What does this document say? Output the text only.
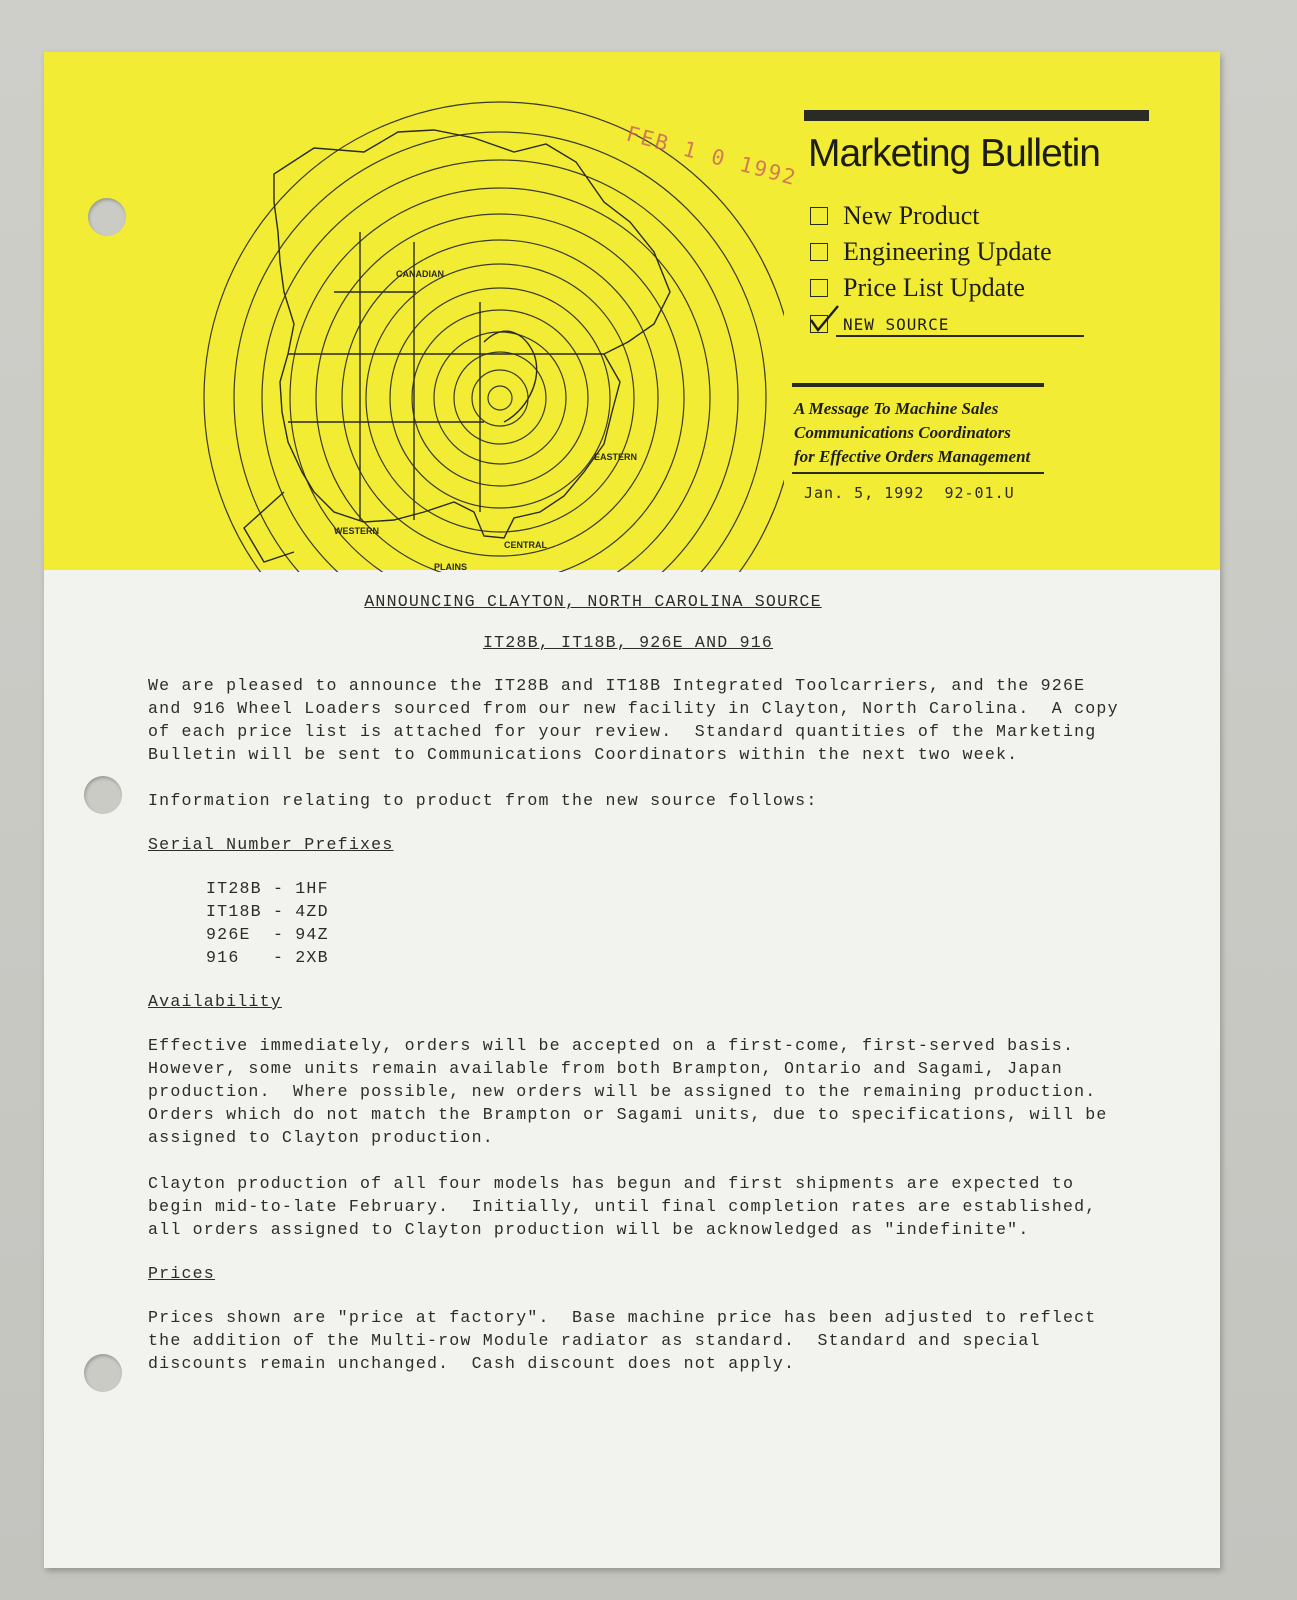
CANADIAN
EASTERN
WESTERN
CENTRAL
PLAINS
FEB 1 0 1992 Marketing Bulletin
New Product
Engineering Update
Price List Update
NEW SOURCE
A Message To Machine Sales
Communications Coordinators
for Effective Orders Management
Jan. 5, 1992 92-01.U
ANNOUNCING CLAYTON, NORTH CAROLINA SOURCE
IT28B, IT18B, 926E AND 916
We are pleased to announce the IT28B and IT18B Integrated Toolcarriers, and the 926E
and 916 Wheel Loaders sourced from our new facility in Clayton, North Carolina.  A copy
of each price list is attached for your review.  Standard quantities of the Marketing
Bulletin will be sent to Communications Coordinators within the next two week.
Information relating to product from the new source follows:
Serial Number Prefixes
IT28B - 1HF
IT18B - 4ZD
926E  - 94Z
916   - 2XB
Availability
Effective immediately, orders will be accepted on a first-come, first-served basis.
However, some units remain available from both Brampton, Ontario and Sagami, Japan
production.  Where possible, new orders will be assigned to the remaining production.
Orders which do not match the Brampton or Sagami units, due to specifications, will be
assigned to Clayton production.
Clayton production of all four models has begun and first shipments are expected to
begin mid-to-late February.  Initially, until final completion rates are established,
all orders assigned to Clayton production will be acknowledged as "indefinite".
Prices
Prices shown are "price at factory".  Base machine price has been adjusted to reflect
the addition of the Multi-row Module radiator as standard.  Standard and special
discounts remain unchanged.  Cash discount does not apply.
